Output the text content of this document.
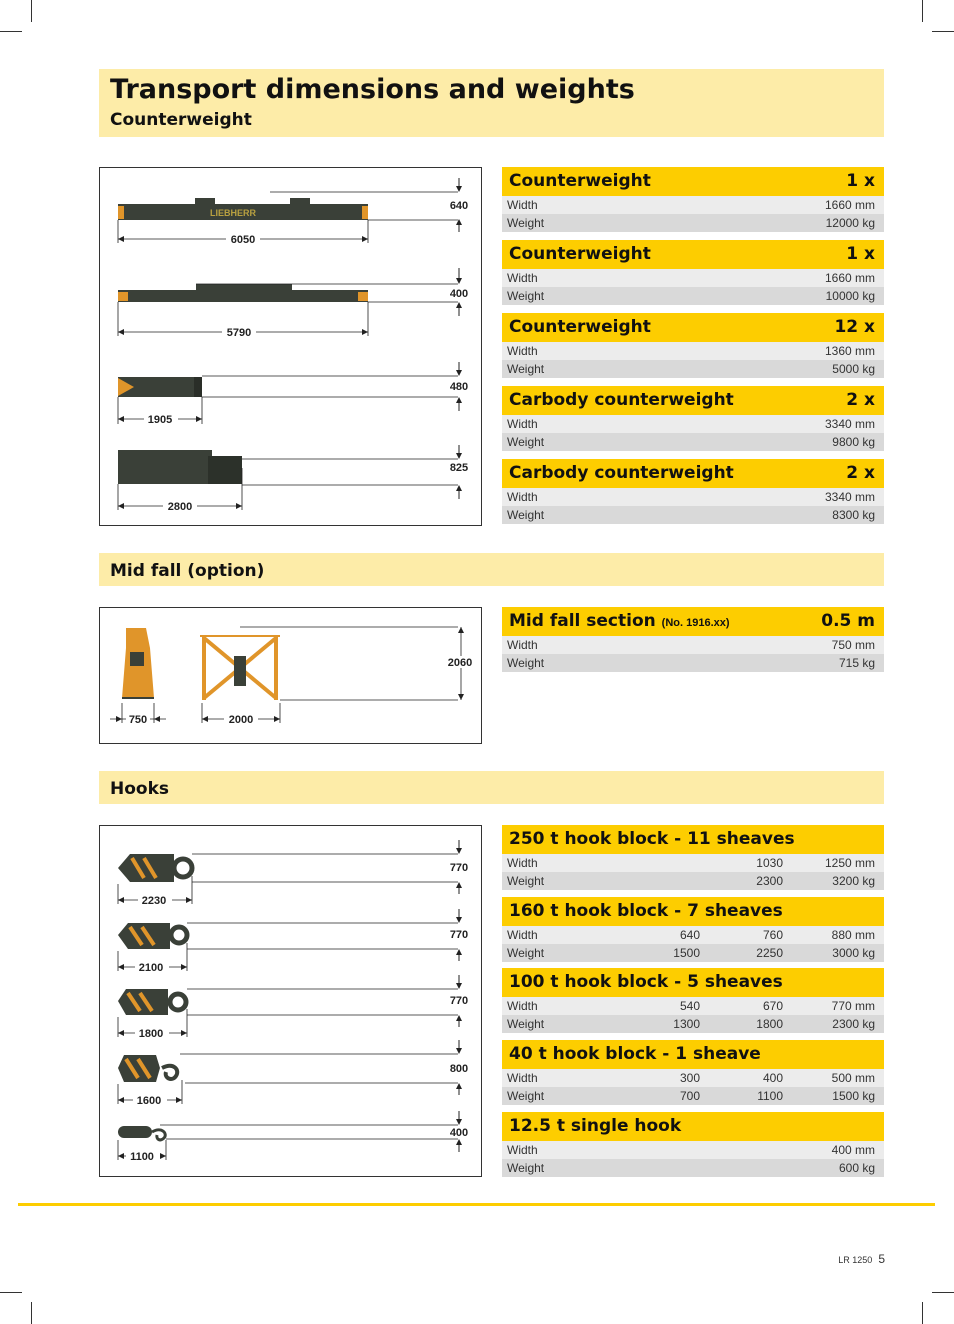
Transport dimensions and weights
Counterweight
LIEBHERR
640
6050
400
5790
480
1905
825
2800
Counterweight	1 x
Width	1660 mm
Weight	12000 kg
Counterweight	1 x
Width	1660 mm
Weight	10000 kg
Counterweight	12 x
Width	1360 mm
Weight	5000 kg
Carbody counterweight	2 x
Width	3340 mm
Weight	9800 kg
Carbody counterweight	2 x
Width	3340 mm
Weight	8300 kg
Mid fall (option)
2060
750	2000
Mid fall section (No. 1916.xx)	0.5 m
Width	750 mm
Weight	715 kg
Hooks
770
2230
770
2100
770
1800
800
1600
400
1100
250 t hook block - 11 sheaves
Width	1030	1250 mm
Weight	2300	3200 kg
160 t hook block - 7 sheaves
Width	640	760	880 mm
Weight	1500	2250	3000 kg
100 t hook block - 5 sheaves
Width	540	670	770 mm
Weight	1300	1800	2300 kg
40 t hook block - 1 sheave
Width	300	400	500 mm
Weight	700	1100	1500 kg
12.5 t single hook
Width	400 mm
Weight	600 kg
LR 1250 5
